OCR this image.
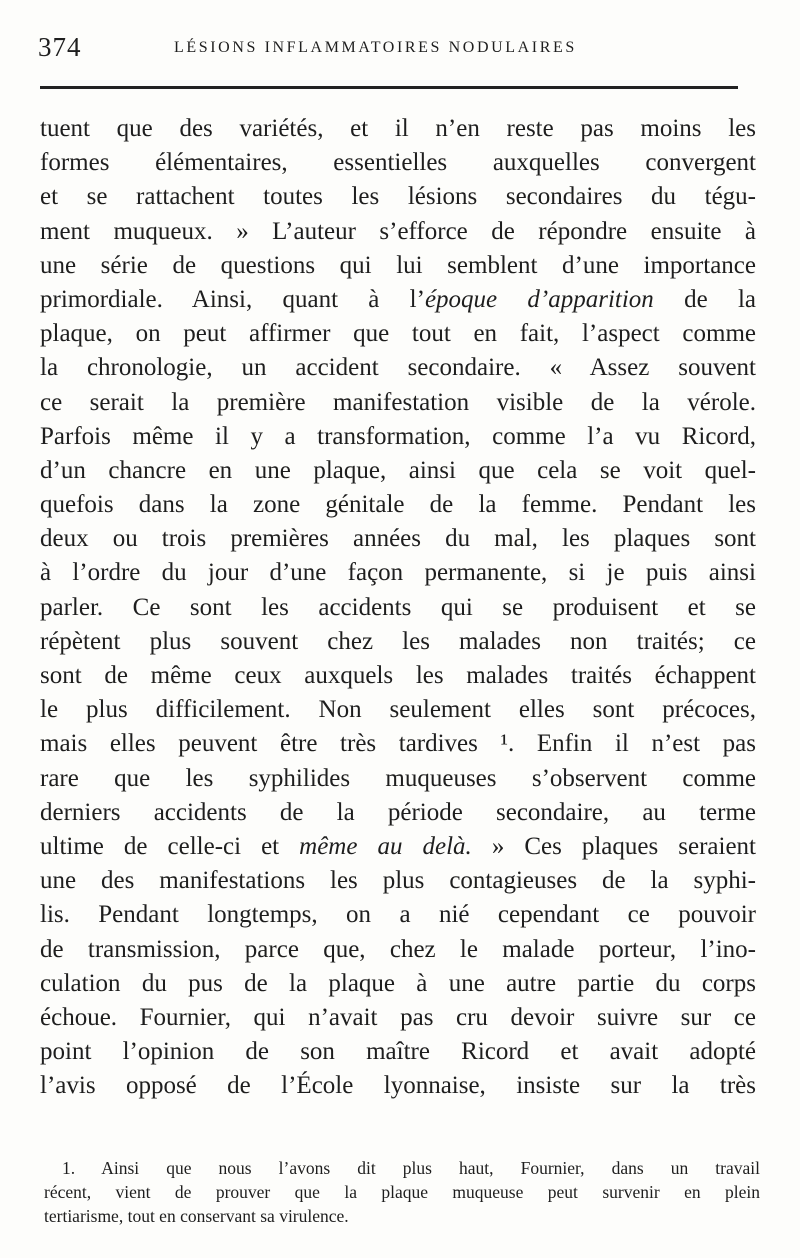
374	LÉSIONS INFLAMMATOIRES NODULAIRES
tuent que des variétés, et il n’en reste pas moins les
formes élémentaires, essentielles auxquelles convergent
et se rattachent toutes les lésions secondaires du tégu-
ment muqueux. » L’auteur s’efforce de répondre ensuite à
une série de questions qui lui semblent d’une importance
primordiale. Ainsi, quant à l’époque d’apparition de la
plaque, on peut affirmer que tout en fait, l’aspect comme
la chronologie, un accident secondaire. « Assez souvent
ce serait la première manifestation visible de la vérole.
Parfois même il y a transformation, comme l’a vu Ricord,
d’un chancre en une plaque, ainsi que cela se voit quel-
quefois dans la zone génitale de la femme. Pendant les
deux ou trois premières années du mal, les plaques sont
à l’ordre du jour d’une façon permanente, si je puis ainsi
parler. Ce sont les accidents qui se produisent et se
répètent plus souvent chez les malades non traités; ce
sont de même ceux auxquels les malades traités échappent
le plus difficilement. Non seulement elles sont précoces,
mais elles peuvent être très tardives ¹. Enfin il n’est pas
rare que les syphilides muqueuses s’observent comme
derniers accidents de la période secondaire, au terme
ultime de celle-ci et même au delà. » Ces plaques seraient
une des manifestations les plus contagieuses de la syphi-
lis. Pendant longtemps, on a nié cependant ce pouvoir
de transmission, parce que, chez le malade porteur, l’ino-
culation du pus de la plaque à une autre partie du corps
échoue. Fournier, qui n’avait pas cru devoir suivre sur ce
point l’opinion de son maître Ricord et avait adopté
l’avis opposé de l’École lyonnaise, insiste sur la très
1. Ainsi que nous l’avons dit plus haut, Fournier, dans un travail
récent, vient de prouver que la plaque muqueuse peut survenir en plein
tertiarisme, tout en conservant sa virulence.
